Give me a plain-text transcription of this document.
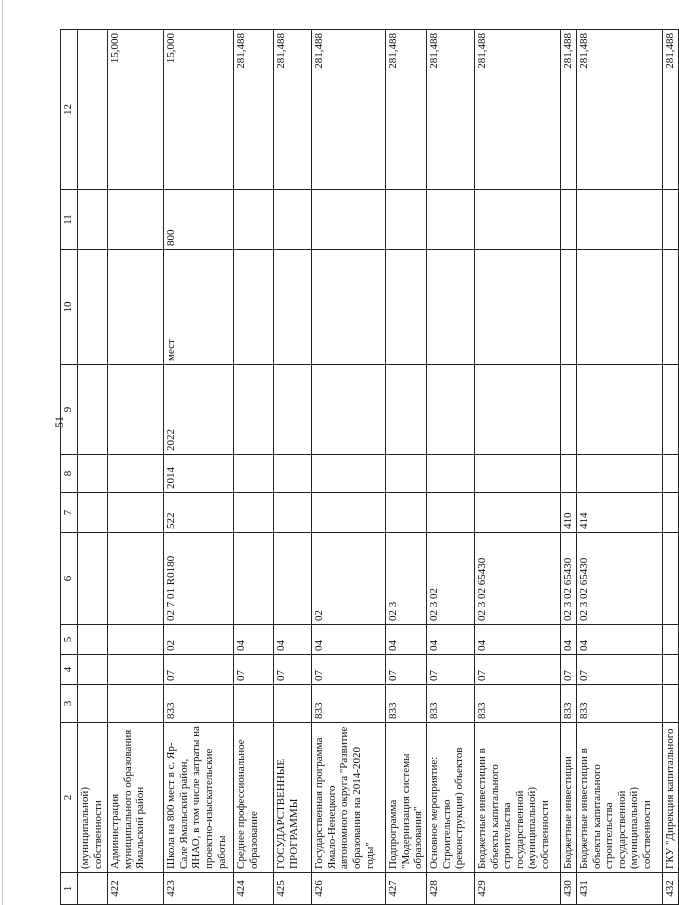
51
1	2	3	4	5	6	7	8	9	10	11	12
	(муниципальной) собственности										
422	Администрация муниципального образования Ямальский район										15,000
423	Школа на 800 мест в с. Яр-Сале Ямальский район, ЯНАО, в том числе затраты на проектно-изыскательские работы	833	07	02	02 7 01 R0180	522	2014	2022	мест	800	15,000
424	Среднее профессиональное образование		07	04							281,488
425	ГОСУДАРСТВЕННЫЕ ПРОГРАММЫ		07	04							281,488
426	Государственная программа Ямало-Ненецкого автономного округа "Развитие образования на 2014-2020 годы"	833	07	04	02						281,488
427	Подпрограмма "Модернизация системы образования"	833	07	04	02 3						281,488
428	Основное мероприятие: Строительство (реконструкция) объектов	833	07	04	02 3 02						281,488
429	Бюджетные инвестиции в объекты капитального строительства государственной (муниципальной) собственности	833	07	04	02 3 02 65430						281,488
430	Бюджетные инвестиции	833	07	04	02 3 02 65430	410					281,488
431	Бюджетные инвестиции в объекты капитального строительства государственной (муниципальной) собственности	833	07	04	02 3 02 65430	414					281,488
432	ГКУ "Дирекция капитального										281,488
